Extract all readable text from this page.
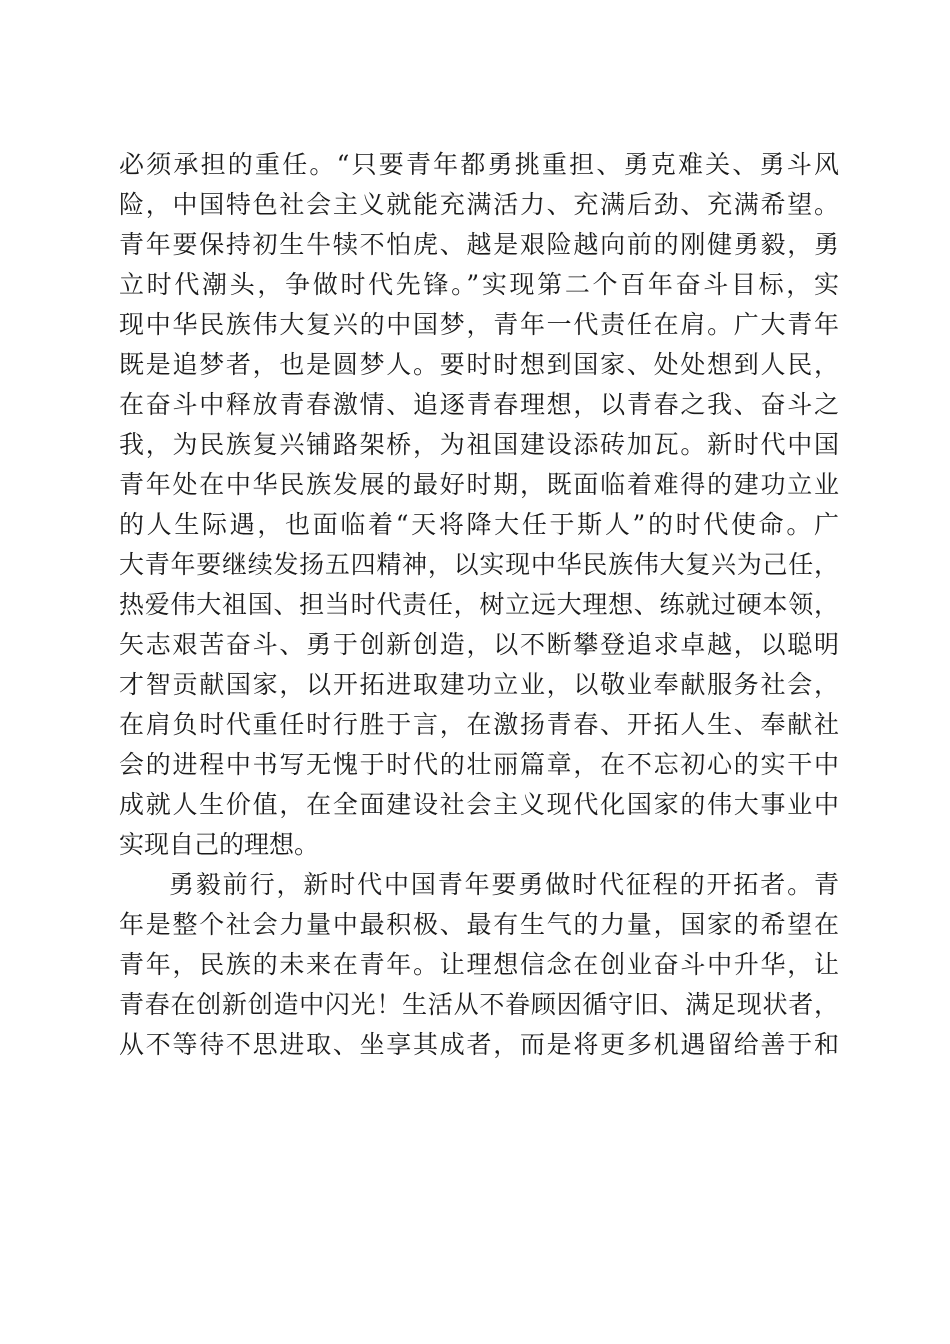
必须承担的重任。“只要青年都勇挑重担、勇克难关、勇斗风
险，中国特色社会主义就能充满活力、充满后劲、充满希望。
青年要保持初生牛犊不怕虎、越是艰险越向前的刚健勇毅，勇
立时代潮头，争做时代先锋。”实现第二个百年奋斗目标，实
现中华民族伟大复兴的中国梦，青年一代责任在肩。广大青年
既是追梦者，也是圆梦人。要时时想到国家、处处想到人民，
在奋斗中释放青春激情、追逐青春理想，以青春之我、奋斗之
我，为民族复兴铺路架桥，为祖国建设添砖加瓦。新时代中国
青年处在中华民族发展的最好时期，既面临着难得的建功立业
的人生际遇，也面临着“天将降大任于斯人”的时代使命。广
大青年要继续发扬五四精神，以实现中华民族伟大复兴为己任，
热爱伟大祖国、担当时代责任，树立远大理想、练就过硬本领，
矢志艰苦奋斗、勇于创新创造，以不断攀登追求卓越，以聪明
才智贡献国家，以开拓进取建功立业，以敬业奉献服务社会，
在肩负时代重任时行胜于言，在激扬青春、开拓人生、奉献社
会的进程中书写无愧于时代的壮丽篇章，在不忘初心的实干中
成就人生价值，在全面建设社会主义现代化国家的伟大事业中
实现自己的理想。
勇毅前行，新时代中国青年要勇做时代征程的开拓者。青
年是整个社会力量中最积极、最有生气的力量，国家的希望在
青年，民族的未来在青年。让理想信念在创业奋斗中升华，让
青春在创新创造中闪光！生活从不眷顾因循守旧、满足现状者，
从不等待不思进取、坐享其成者，而是将更多机遇留给善于和
